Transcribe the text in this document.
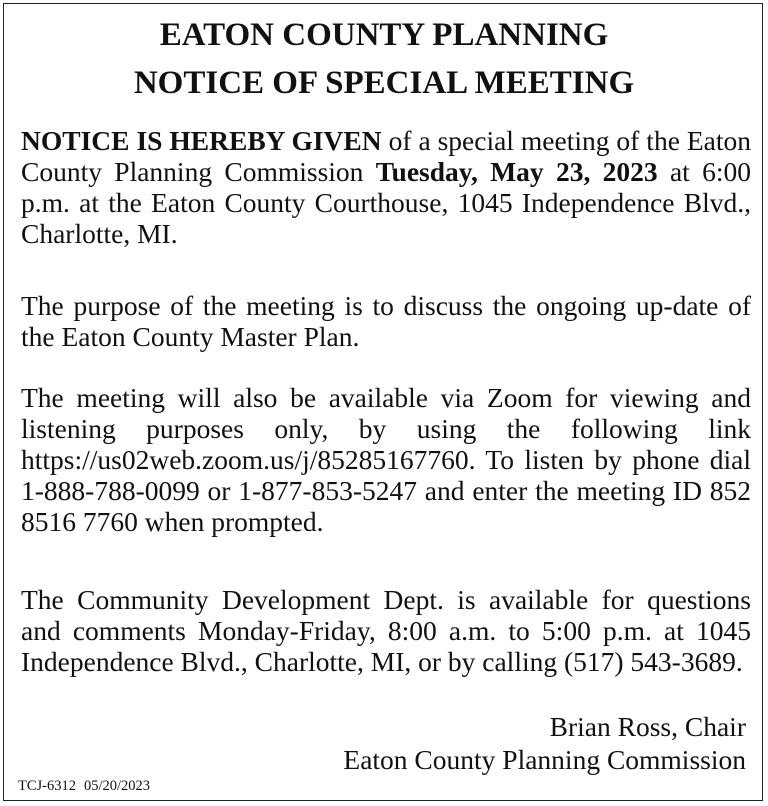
EATON COUNTY PLANNING
NOTICE OF SPECIAL MEETING

NOTICE IS HEREBY GIVEN of a special meeting of the Eaton County Planning Commission Tuesday, May 23, 2023 at 6:00 p.m. at the Eaton County Courthouse, 1045 Independence Blvd., Charlotte, MI.

The purpose of the meeting is to discuss the ongoing up-date of the Eaton County Master Plan.

The meeting will also be available via Zoom for viewing and listening purposes only, by using the following link https://us02web.zoom.us/j/85285167760. To listen by phone dial 1-888-788-0099 or 1-877-853-5247 and enter the meeting ID 852 8516 7760 when prompted.

The Community Development Dept. is available for questions and comments Monday-Friday, 8:00 a.m. to 5:00 p.m. at 1045 Independence Blvd., Charlotte, MI, or by calling (517) 543-3689.

Brian Ross, Chair

Eaton County Planning Commission

TCJ-6312 05/20/2023
